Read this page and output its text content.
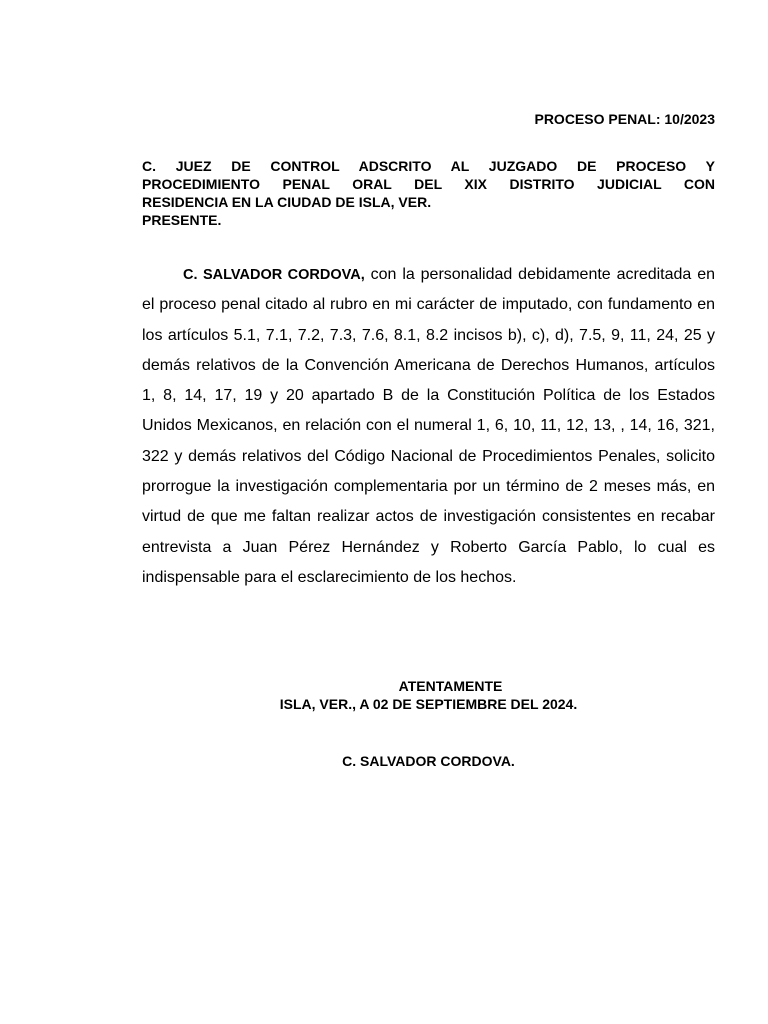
PROCESO PENAL: 10/2023
C. JUEZ DE CONTROL ADSCRITO AL JUZGADO DE PROCESO Y
PROCEDIMIENTO PENAL ORAL DEL XIX DISTRITO JUDICIAL CON
RESIDENCIA EN LA CIUDAD DE ISLA, VER.
PRESENTE.

C. SALVADOR CORDOVA, con la personalidad debidamente acreditada en el proceso penal citado al rubro en mi carácter de imputado, con fundamento en los artículos 5.1, 7.1, 7.2, 7.3, 7.6, 8.1, 8.2 incisos b), c), d), 7.5, 9, 11, 24, 25 y demás relativos de la Convención Americana de Derechos Humanos, artículos 1, 8, 14, 17, 19 y 20 apartado B de la Constitución Política de los Estados Unidos Mexicanos, en relación con el numeral 1, 6, 10, 11, 12, 13, , 14, 16, 321, 322 y demás relativos del Código Nacional de Procedimientos Penales, solicito prorrogue la investigación complementaria por un término de 2 meses más, en virtud de que me faltan realizar actos de investigación consistentes en recabar entrevista a Juan Pérez Hernández y Roberto García Pablo, lo cual es indispensable para el esclarecimiento de los hechos.

ATENTAMENTE
ISLA, VER., A 02 DE SEPTIEMBRE DEL 2024.
C. SALVADOR CORDOVA.
